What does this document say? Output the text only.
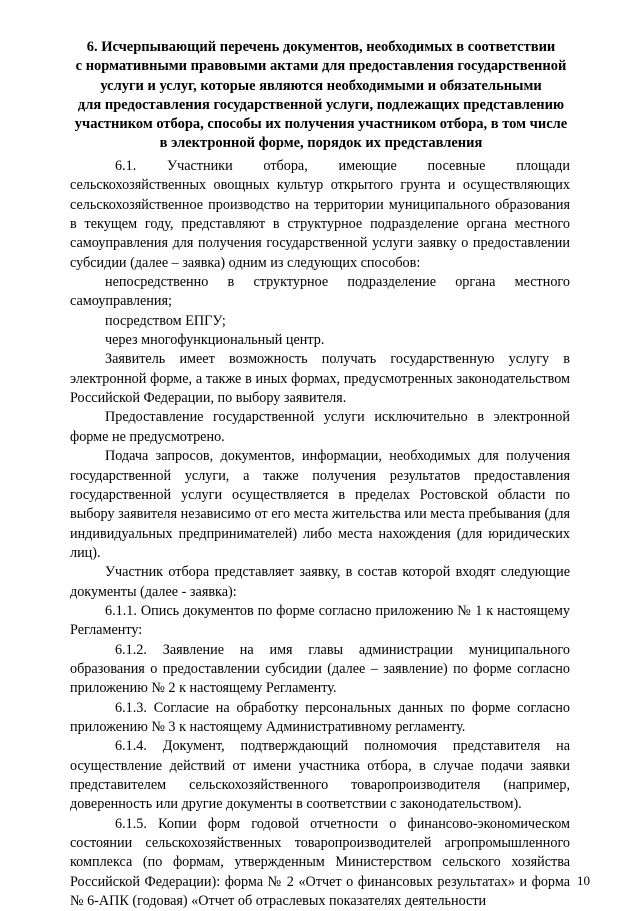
6. Исчерпывающий перечень документов, необходимых в соответствии
с нормативными правовыми актами для предоставления государственной
услуги и услуг, которые являются необходимыми и обязательными
для предоставления государственной услуги, подлежащих представлению
участником отбора, способы их получения участником отбора, в том числе
в электронной форме, порядок их представления

6.1. Участники отбора, имеющие посевные площади сельскохозяйственных овощных культур открытого грунта и осуществляющих сельскохозяйственное производство на территории муниципального образования в текущем году, представляют в структурное подразделение органа местного самоуправления для получения государственной услуги заявку о предоставлении субсидии (далее – заявка) одним из следующих способов:

непосредственно в структурное подразделение органа местного самоуправления;

посредством ЕПГУ;

через многофункциональный центр.

Заявитель имеет возможность получать государственную услугу в электронной форме, а также в иных формах, предусмотренных законодательством Российской Федерации, по выбору заявителя.

Предоставление государственной услуги исключительно в электронной форме не предусмотрено.

Подача запросов, документов, информации, необходимых для получения государственной услуги, а также получения результатов предоставления государственной услуги осуществляется в пределах Ростовской области по выбору заявителя независимо от его места жительства или места пребывания (для индивидуальных предпринимателей) либо места нахождения (для юридических лиц).

Участник отбора представляет заявку, в состав которой входят следующие документы (далее - заявка):

6.1.1. Опись документов по форме согласно приложению № 1 к настоящему Регламенту:

6.1.2. Заявление на имя главы администрации муниципального образования о предоставлении субсидии (далее – заявление) по форме согласно приложению № 2 к настоящему Регламенту.

6.1.3. Согласие на обработку персональных данных по форме согласно приложению № 3 к настоящему Административному регламенту.

6.1.4. Документ, подтверждающий полномочия представителя на осуществление действий от имени участника отбора, в случае подачи заявки представителем сельскохозяйственного товаропроизводителя (например, доверенность или другие документы в соответствии с законодательством).

6.1.5. Копии форм годовой отчетности о финансово-экономическом состоянии сельскохозяйственных товаропроизводителей агропромышленного комплекса (по формам, утвержденным Министерством сельского хозяйства Российской Федерации): форма № 2 «Отчет о финансовых результатах» и форма № 6-АПК (годовая) «Отчет об отраслевых показателях деятельности

10
